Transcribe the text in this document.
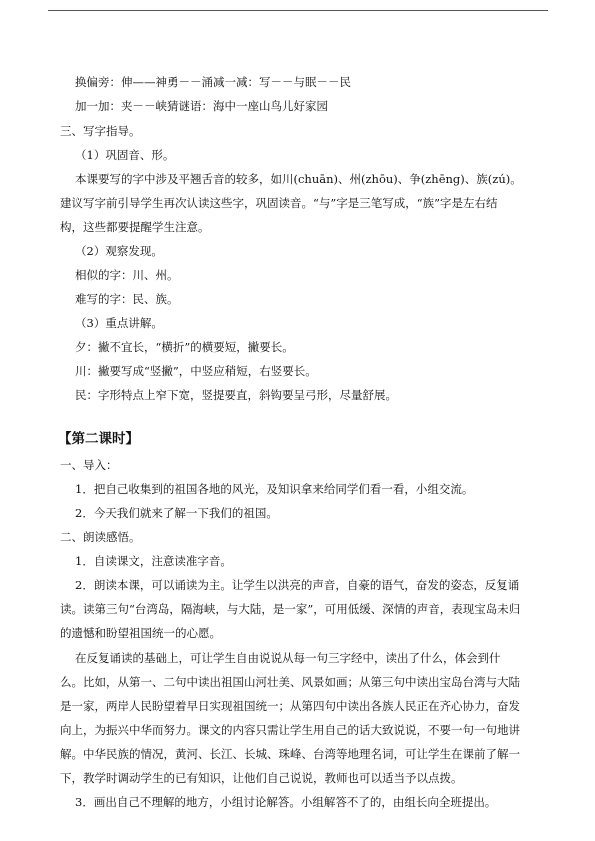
换偏旁：伸——神勇－－涌减一减：写－－与眠－－民
加一加：夹－－峡猜谜语：海中一座山鸟儿好家园
三、写字指导。
（1）巩固音、形。
本课要写的字中涉及平翘舌音的较多，如川(chuān)、州(zhōu)、争(zhēng)、族(zú)。
建议写字前引导学生再次认读这些字，巩固读音。“与”字是三笔写成，“族”字是左右结
构，这些都要提醒学生注意。
（2）观察发现。
相似的字：川、州。
难写的字：民、族。
（3）重点讲解。
夕：撇不宜长，“横折”的横要短，撇要长。
川：撇要写成“竖撇”，中竖应稍短，右竖要长。
民：字形特点上窄下宽，竖提要直，斜钩要呈弓形，尽量舒展。
【第二课时】
一、导入：
1．把自己收集到的祖国各地的风光，及知识拿来给同学们看一看，小组交流。
2．今天我们就来了解一下我们的祖国。
二、朗读感悟。
1．自读课文，注意读准字音。
2．朗读本课，可以诵读为主。让学生以洪亮的声音，自豪的语气，奋发的姿态，反复诵
读。读第三句“台湾岛，隔海峡，与大陆，是一家”，可用低缓、深情的声音，表现宝岛未归
的遗憾和盼望祖国统一的心愿。
在反复诵读的基础上，可让学生自由说说从每一句三字经中，读出了什么，体会到什
么。比如，从第一、二句中读出祖国山河壮美、风景如画；从第三句中读出宝岛台湾与大陆
是一家，两岸人民盼望着早日实现祖国统一；从第四句中读出各族人民正在齐心协力，奋发
向上，为振兴中华而努力。课文的内容只需让学生用自己的话大致说说，不要一句一句地讲
解。中华民族的情况，黄河、长江、长城、珠峰、台湾等地理名词，可让学生在课前了解一
下，教学时调动学生的已有知识，让他们自己说说，教师也可以适当予以点拨。
3．画出自己不理解的地方，小组讨论解答。小组解答不了的，由组长向全班提出。
